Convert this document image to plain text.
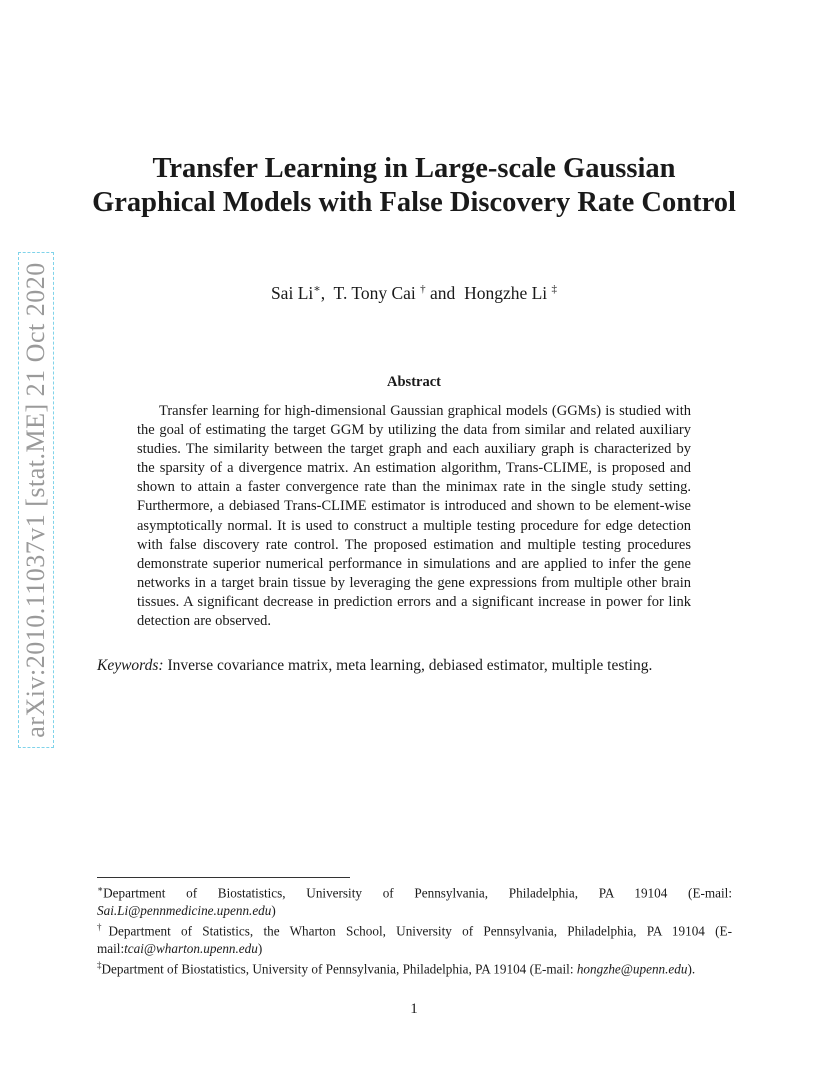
arXiv:2010.11037v1 [stat.ME] 21 Oct 2020
Transfer Learning in Large-scale Gaussian Graphical Models with False Discovery Rate Control
Sai Li∗,  T. Tony Cai † and Hongzhe Li ‡
Abstract

Transfer learning for high-dimensional Gaussian graphical models (GGMs) is studied with the goal of estimating the target GGM by utilizing the data from similar and related auxiliary studies. The similarity between the target graph and each auxiliary graph is characterized by the sparsity of a divergence matrix. An estimation algorithm, Trans-CLIME, is proposed and shown to attain a faster convergence rate than the minimax rate in the single study setting. Furthermore, a debiased Trans-CLIME estimator is introduced and shown to be element-wise asymptotically normal. It is used to construct a multiple testing procedure for edge detection with false discovery rate control. The proposed estimation and multiple testing procedures demonstrate superior numerical performance in simulations and are applied to infer the gene networks in a target brain tissue by leveraging the gene expressions from multiple other brain tissues. A significant decrease in prediction errors and a significant increase in power for link detection are observed.

Keywords: Inverse covariance matrix, meta learning, debiased estimator, multiple testing.
∗Department of Biostatistics, University of Pennsylvania, Philadelphia, PA 19104 (E-mail: Sai.Li@pennmedicine.upenn.edu)
†Department of Statistics, the Wharton School, University of Pennsylvania, Philadelphia, PA 19104 (E-mail:tcai@wharton.upenn.edu)
‡Department of Biostatistics, University of Pennsylvania, Philadelphia, PA 19104 (E-mail: hongzhe@upenn.edu).
1
